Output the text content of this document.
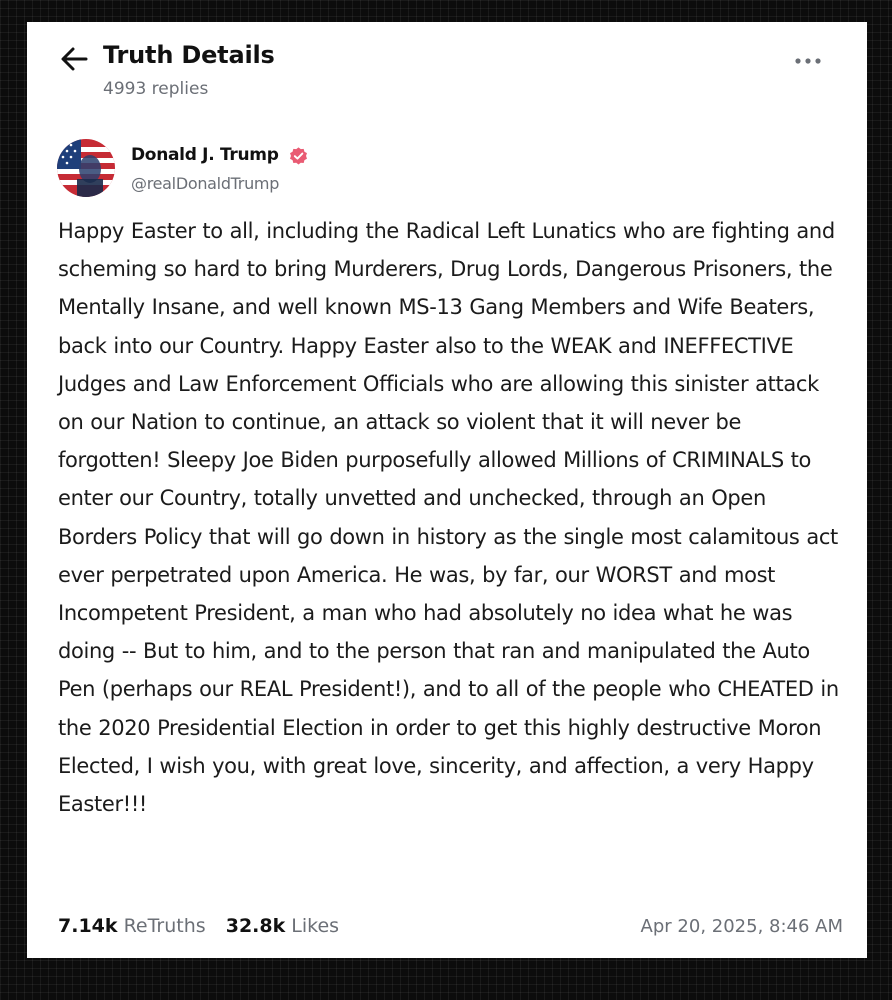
Truth Details
4993 replies
Donald J. Trump
@realDonaldTrump

Happy Easter to all, including the Radical Left Lunatics who are fighting and scheming so hard to bring Murderers, Drug Lords, Dangerous Prisoners, the Mentally Insane, and well known MS-13 Gang Members and Wife Beaters, back into our Country. Happy Easter also to the WEAK and INEFFECTIVE Judges and Law Enforcement Officials who are allowing this sinister attack on our Nation to continue, an attack so violent that it will never be forgotten! Sleepy Joe Biden purposefully allowed Millions of CRIMINALS to enter our Country, totally unvetted and unchecked, through an Open Borders Policy that will go down in history as the single most calamitous act ever perpetrated upon America. He was, by far, our WORST and most Incompetent President, a man who had absolutely no idea what he was doing -- But to him, and to the person that ran and manipulated the Auto Pen (perhaps our REAL President!), and to all of the people who CHEATED in the 2020 Presidential Election in order to get this highly destructive Moron Elected, I wish you, with great love, sincerity, and affection, a very Happy Easter!!!

7.14k ReTruths 32.8k Likes	Apr 20, 2025, 8:46 AM
